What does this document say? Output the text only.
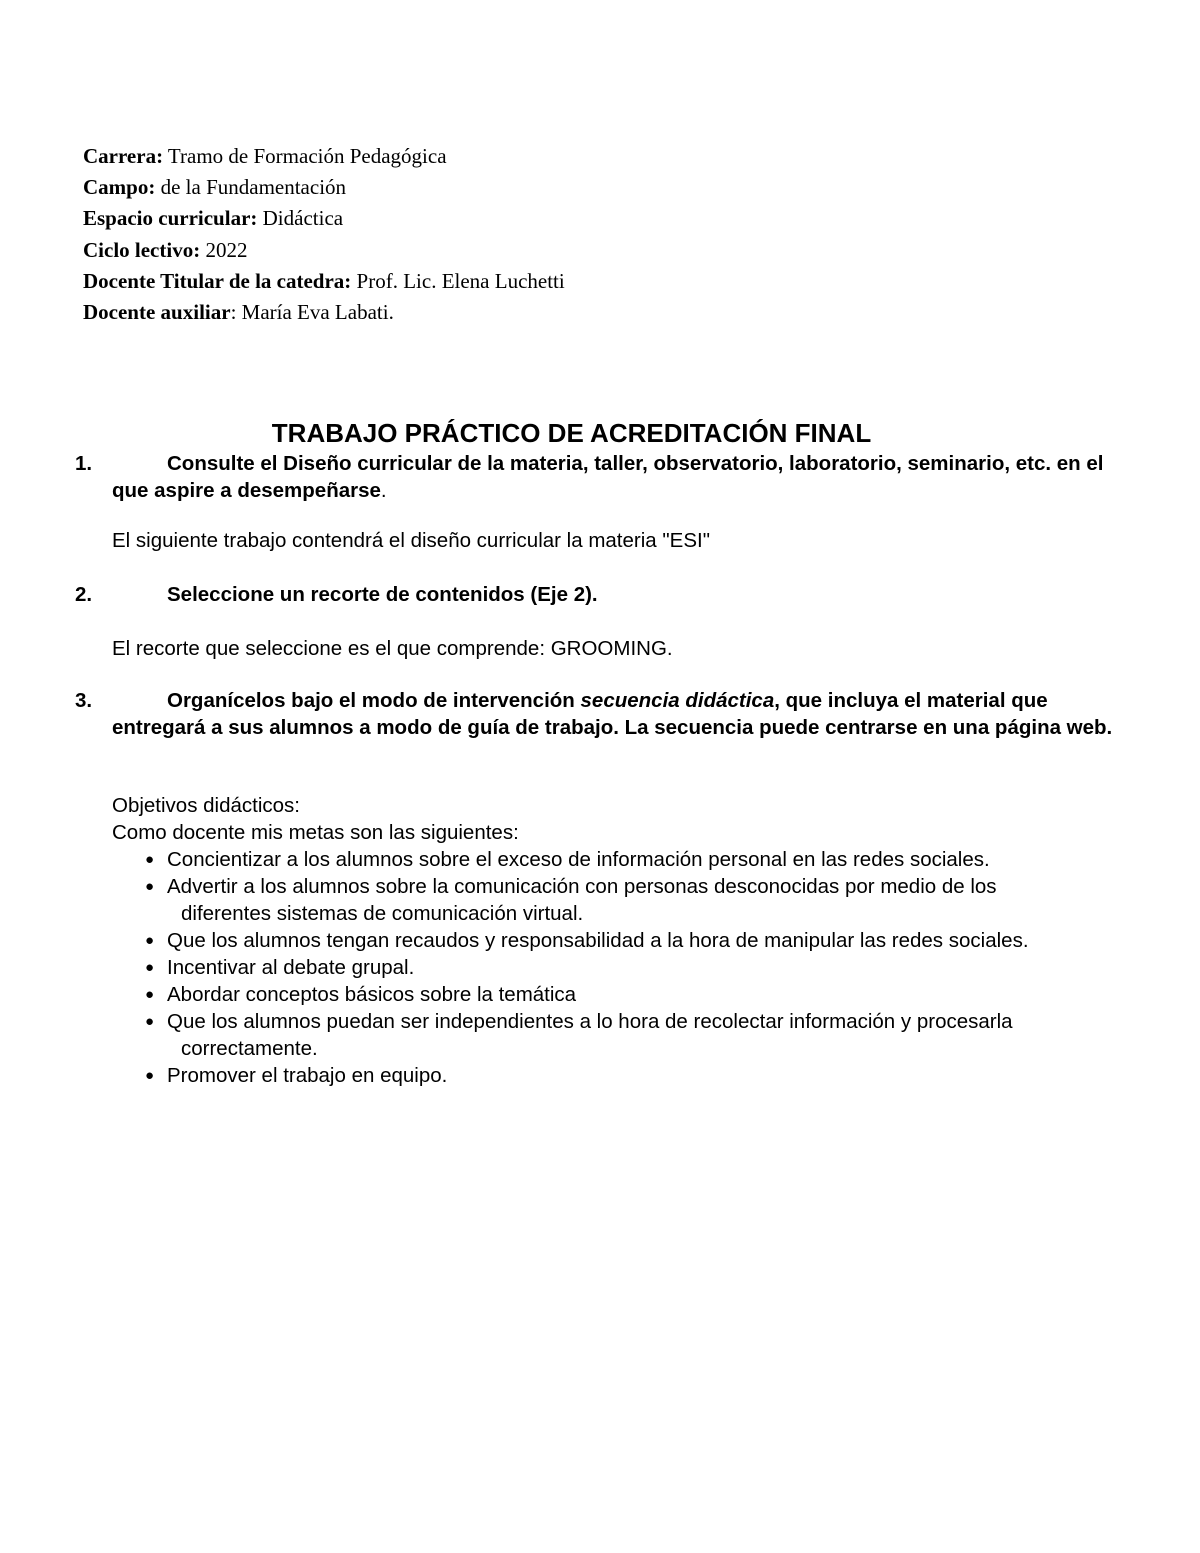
Carrera: Tramo de Formación Pedagógica
Campo: de la Fundamentación
Espacio curricular: Didáctica
Ciclo lectivo: 2022
Docente Titular de la catedra: Prof. Lic. Elena Luchetti
Docente auxiliar: María Eva Labati.
TRABAJO PRÁCTICO DE ACREDITACIÓN FINAL
1.	Consulte el Diseño curricular de la materia, taller, observatorio, laboratorio, seminario, etc. en el que aspire a desempeñarse.
El siguiente trabajo contendrá el diseño curricular la materia "ESI"
2.	Seleccione un recorte de contenidos (Eje 2).
El recorte que seleccione es el que comprende: GROOMING.
3.	Organícelos bajo el modo de intervención secuencia didáctica, que incluya el material que entregará a sus alumnos a modo de guía de trabajo. La secuencia puede centrarse en una página web.
Objetivos didácticos:
Como docente mis metas son las siguientes:
● Concientizar a los alumnos sobre el exceso de información personal en las redes sociales.
● Advertir a los alumnos sobre la comunicación con personas desconocidas por medio de los diferentes sistemas de comunicación virtual.
● Que los alumnos tengan recaudos y responsabilidad a la hora de manipular las redes sociales.
● Incentivar al debate grupal.
● Abordar conceptos básicos sobre la temática
● Que los alumnos puedan ser independientes a lo hora de recolectar información y procesarla correctamente.
● Promover el trabajo en equipo.
